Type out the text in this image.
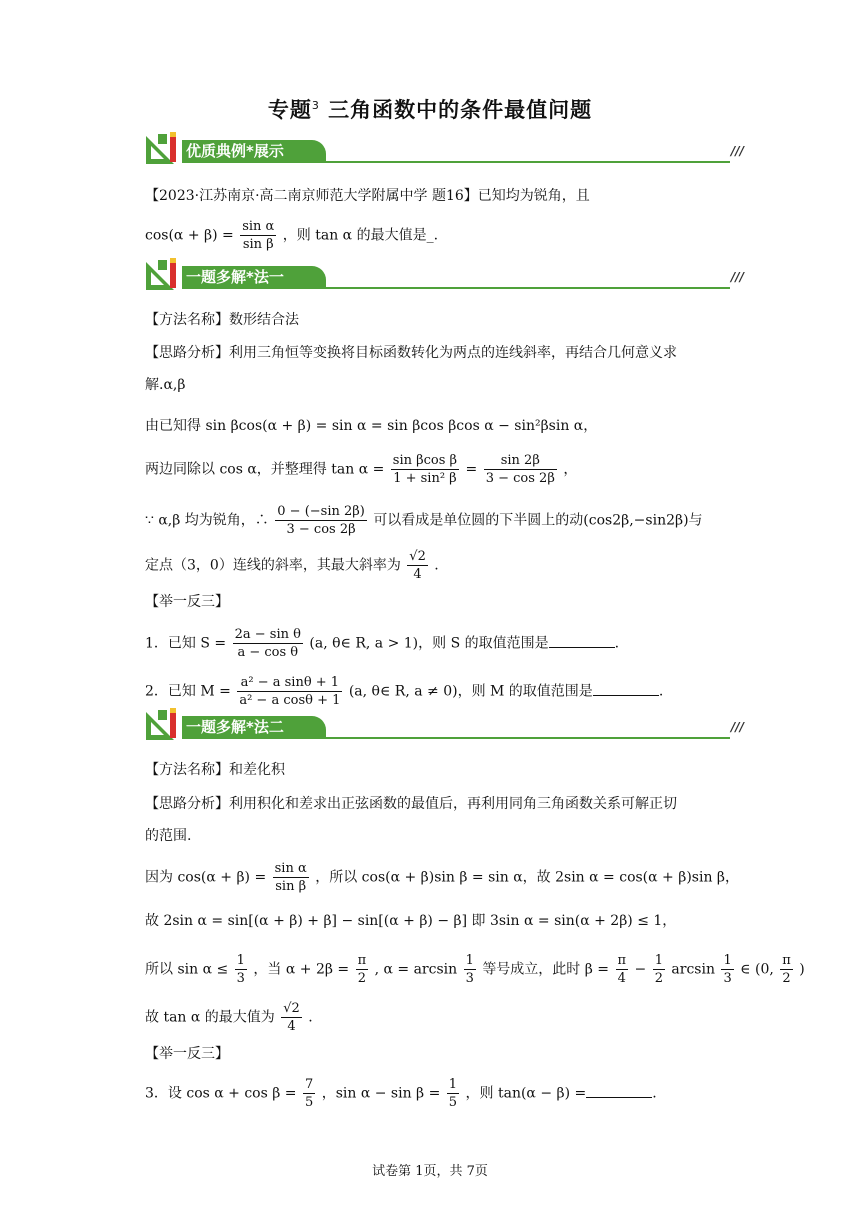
专题$^3$ 三角函数中的条件最值问题
优质典例*展示	///
【2023·江苏南京·高二南京师范大学附属中学 题16】已知均为锐角，且
$\cos(\alpha + \beta) = \frac{\text{sin α}}{\text{sin β}}$ ，则 tan α 的最大值是_.
一题多解*法一	///
【方法名称】数形结合法
【思路分析】利用三角恒等变换将目标函数转化为两点的连线斜率，再结合几何意义求
解.α,β
由已知得 sin βcos(α + β) = sin α = sin βcos βcos α − sin²βsin α，
两边同除以 cos α，并整理得 $\tan \alpha = \frac{\text{sin βcos β}}{\text{1 + sin² β}} = \frac{\sin 2\beta}{3 - \cos 2\beta}$ ，
∵ α,β 均为锐角，∴ $\frac{0 - (-\sin 2\beta)}{3 - \cos 2\beta}$ 可以看成是单位圆的下半圆上的动(cos2β,−sin2β)与
定点（3，0）连线的斜率，其最大斜率为 $\frac{√2}{4}$ .
【举一反三】
1．已知 $S = \frac{\text{2a − sin θ}}{\text{a − cos θ}} (a$, θ∈ R, a > 1)，则 S 的取值范围是	.
2．已知 $M = \frac{\text{a² − a sinθ + 1}}{\text{a² − a cosθ + 1}} (a$, θ∈ R, a ≠ 0)，则 M 的取值范围是	.
一题多解*法二	///
【方法名称】和差化积
【思路分析】利用积化和差求出正弦函数的最值后，再利用同角三角函数关系可解正切
的范围.
因为 $\cos(\alpha + \beta) = \frac{\text{sin α}}{\text{sin β}}$ ，所以 cos(α + β)sin β = sin α，故 2sin α = cos(α + β)sin β，
故 2sin α = sin[(α + β) + β] − sin[(α + β) − β] 即 3sin α = sin(α + 2β) ≤ 1，
所以 $\sin \alpha \le \frac{1}{3}$ ，当 $\alpha + 2\beta = \frac{\pi}{2}$ , $\alpha = \arcsin \frac{1}{3}$ 等号成立，此时 $\beta = \frac{\pi}{4} - \frac{1}{2}$ $\arcsin \frac{1}{3}$ ∈ (0, $\frac{\pi}{2}$ )
故 tan α 的最大值为 $\frac{√2}{4}$ .
【举一反三】
3．设 $\cos \alpha + \cos \beta = \frac{7}{5}$ ，$\sin \alpha - \sin \beta = \frac{1}{5}$ ，则 tan(α − β) =	.
试卷第 1页，共 7页
